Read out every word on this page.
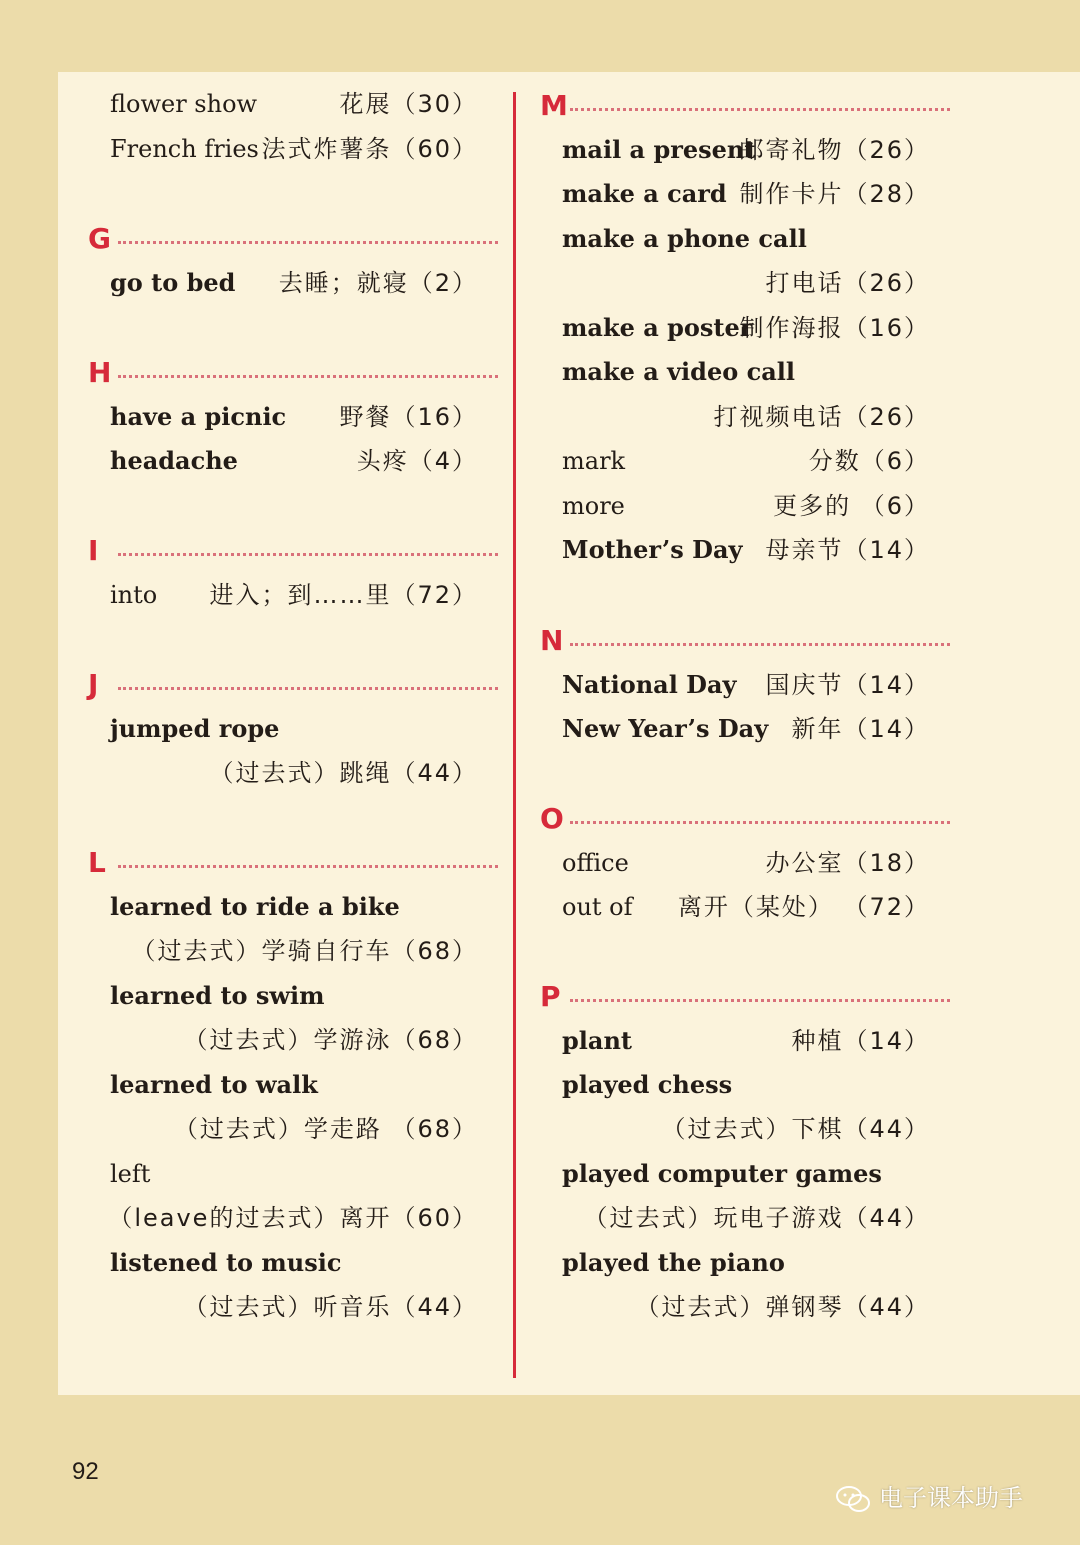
flower show	花展（30）
French fries 法式炸薯条（60）
G
go to bed 去睡；就寝（2）
H
have a picnic 野餐（16）
headache	头疼（4）
I
into 进入；到……里（72）
J
jumped rope
（过去式）跳绳（44）
L
learned to ride a bike
（过去式）学骑自行车（68）
learned to swim
（过去式）学游泳（68）
learned to walk
（过去式）学走路 （68）
left
（leave的过去式）离开（60）
listened to music
（过去式）听音乐（44）
M
mail a present
邮寄礼物（26）
make a card 制作卡片（28）
make a phone call
打电话（26）
make a poster
制作海报（16）
make a video call
打视频电话（26）
mark	分数（6）
more	更多的 （6）
Mother’s Day 母亲节（14）
N
National Day 国庆节（14）
New Year’s Day 新年（14）
O
office	办公室（18）
out of 离开（某处） （72）
P
plant	种植（14）
played chess
（过去式）下棋（44）
played computer games
（过去式）玩电子游戏（44）
played the piano
（过去式）弹钢琴（44）
92
电子课本助手
